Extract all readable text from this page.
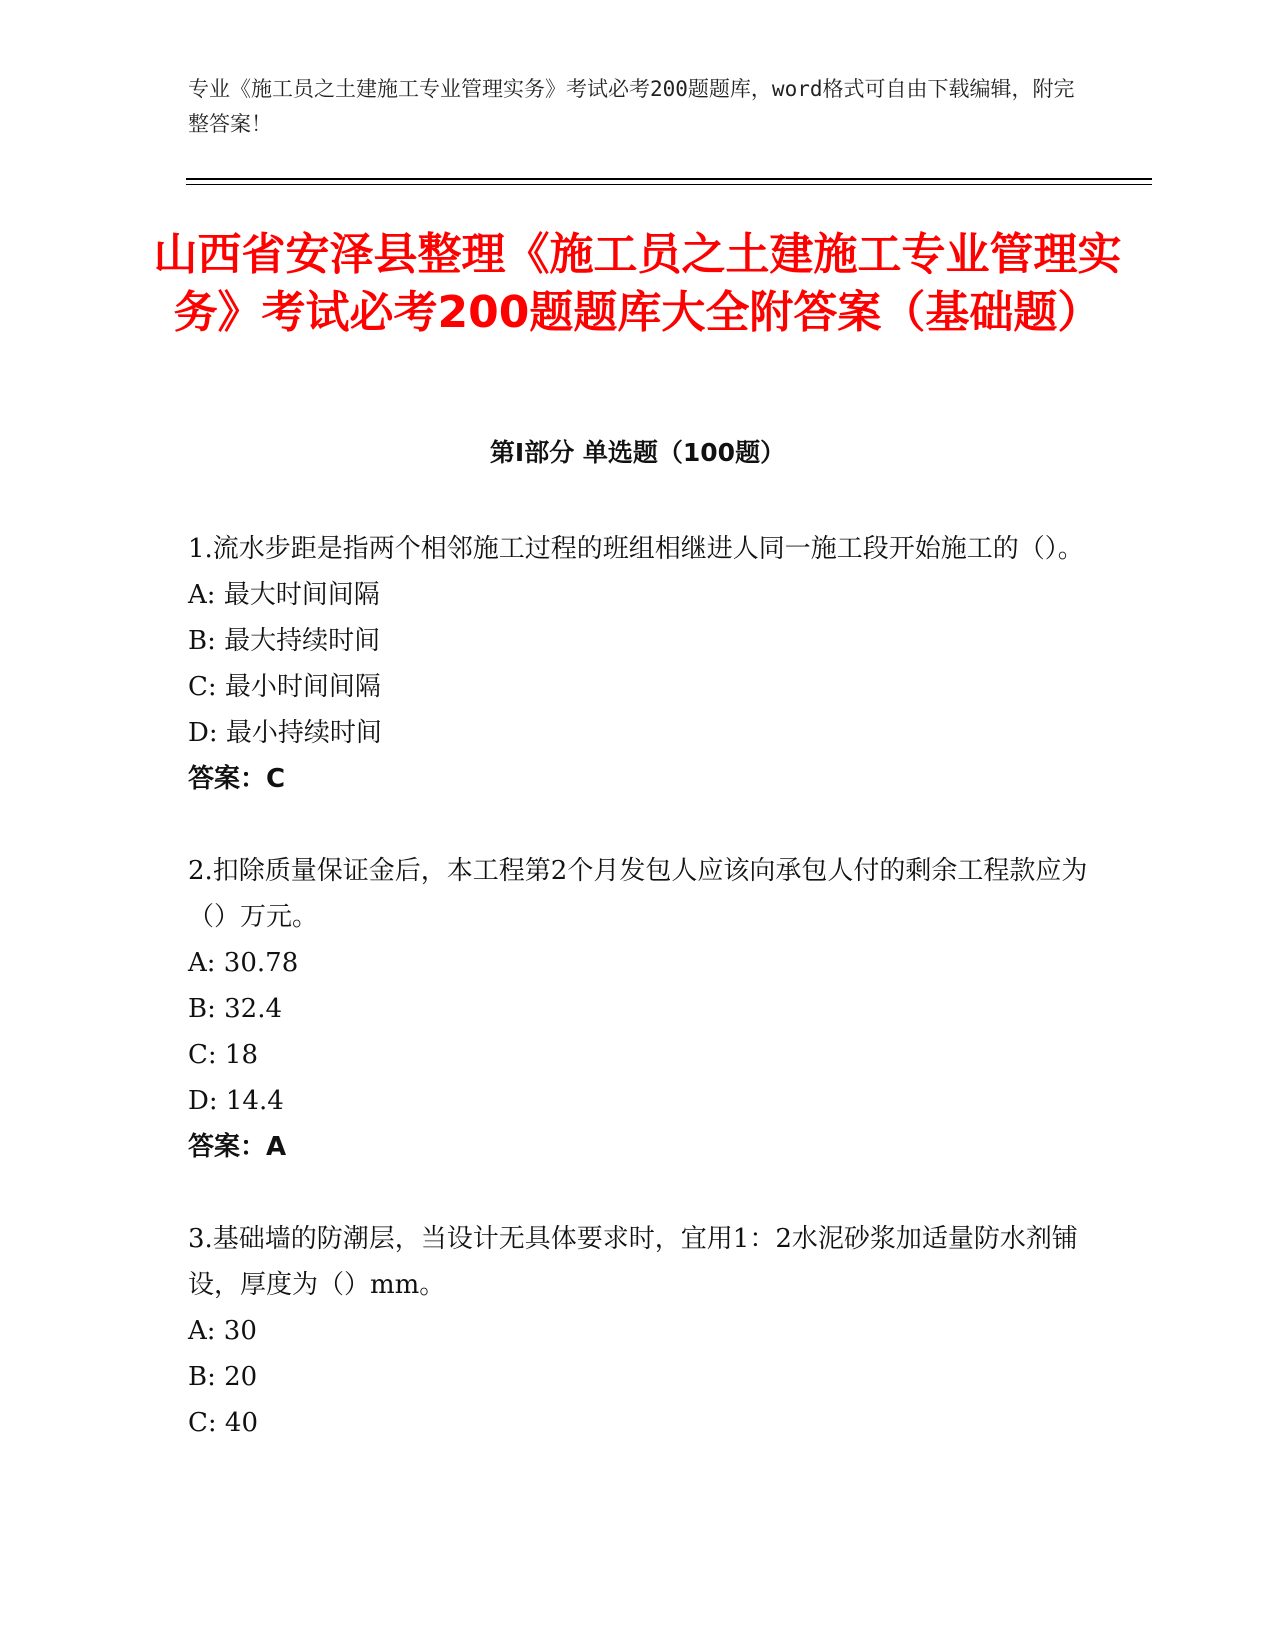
专业《施工员之土建施工专业管理实务》考试必考200题题库，word格式可自由下载编辑，附完整答案！
山西省安泽县整理《施工员之土建施工专业管理实务》考试必考200题题库大全附答案（基础题）
第I部分 单选题（100题）

1.流水步距是指两个相邻施工过程的班组相继进人同一施工段开始施工的（）。

A: 最大时间间隔

B: 最大持续时间

C: 最小时间间隔

D: 最小持续时间

答案：C

2.扣除质量保证金后，本工程第2个月发包人应该向承包人付的剩余工程款应为（）万元。

A: 30.78

B: 32.4

C: 18

D: 14.4

答案：A

3.基础墙的防潮层，当设计无具体要求时，宜用1：2水泥砂浆加适量防水剂铺设，厚度为（）mm。

A: 30

B: 20

C: 40
